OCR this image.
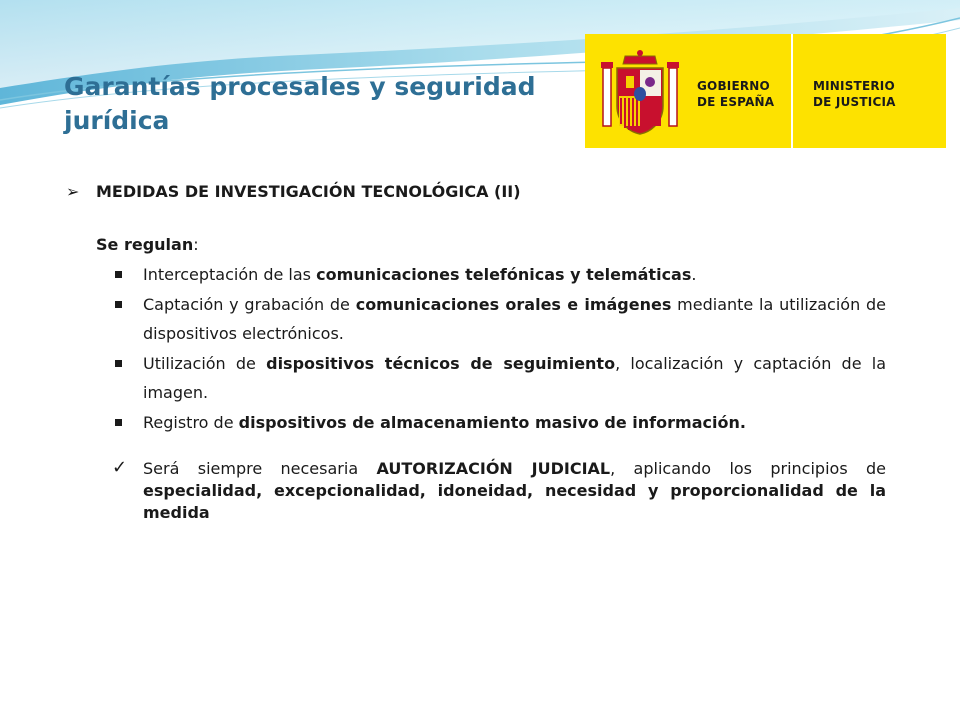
Garantías procesales y seguridad jurídica
GOBIERNO
DE ESPAÑA
MINISTERIO
DE JUSTICIA
➢ MEDIDAS DE INVESTIGACIÓN TECNOLÓGICA (II)
Se regulan:
Interceptación de las comunicaciones telefónicas y telemáticas.
Captación y grabación de comunicaciones orales e imágenes mediante la utilización de dispositivos electrónicos.
Utilización de dispositivos técnicos de seguimiento, localización y captación de la imagen.
Registro de dispositivos de almacenamiento masivo de información.
✓ Será siempre necesaria AUTORIZACIÓN JUDICIAL, aplicando los principios de especialidad, excepcionalidad, idoneidad, necesidad y proporcionalidad de la medida
